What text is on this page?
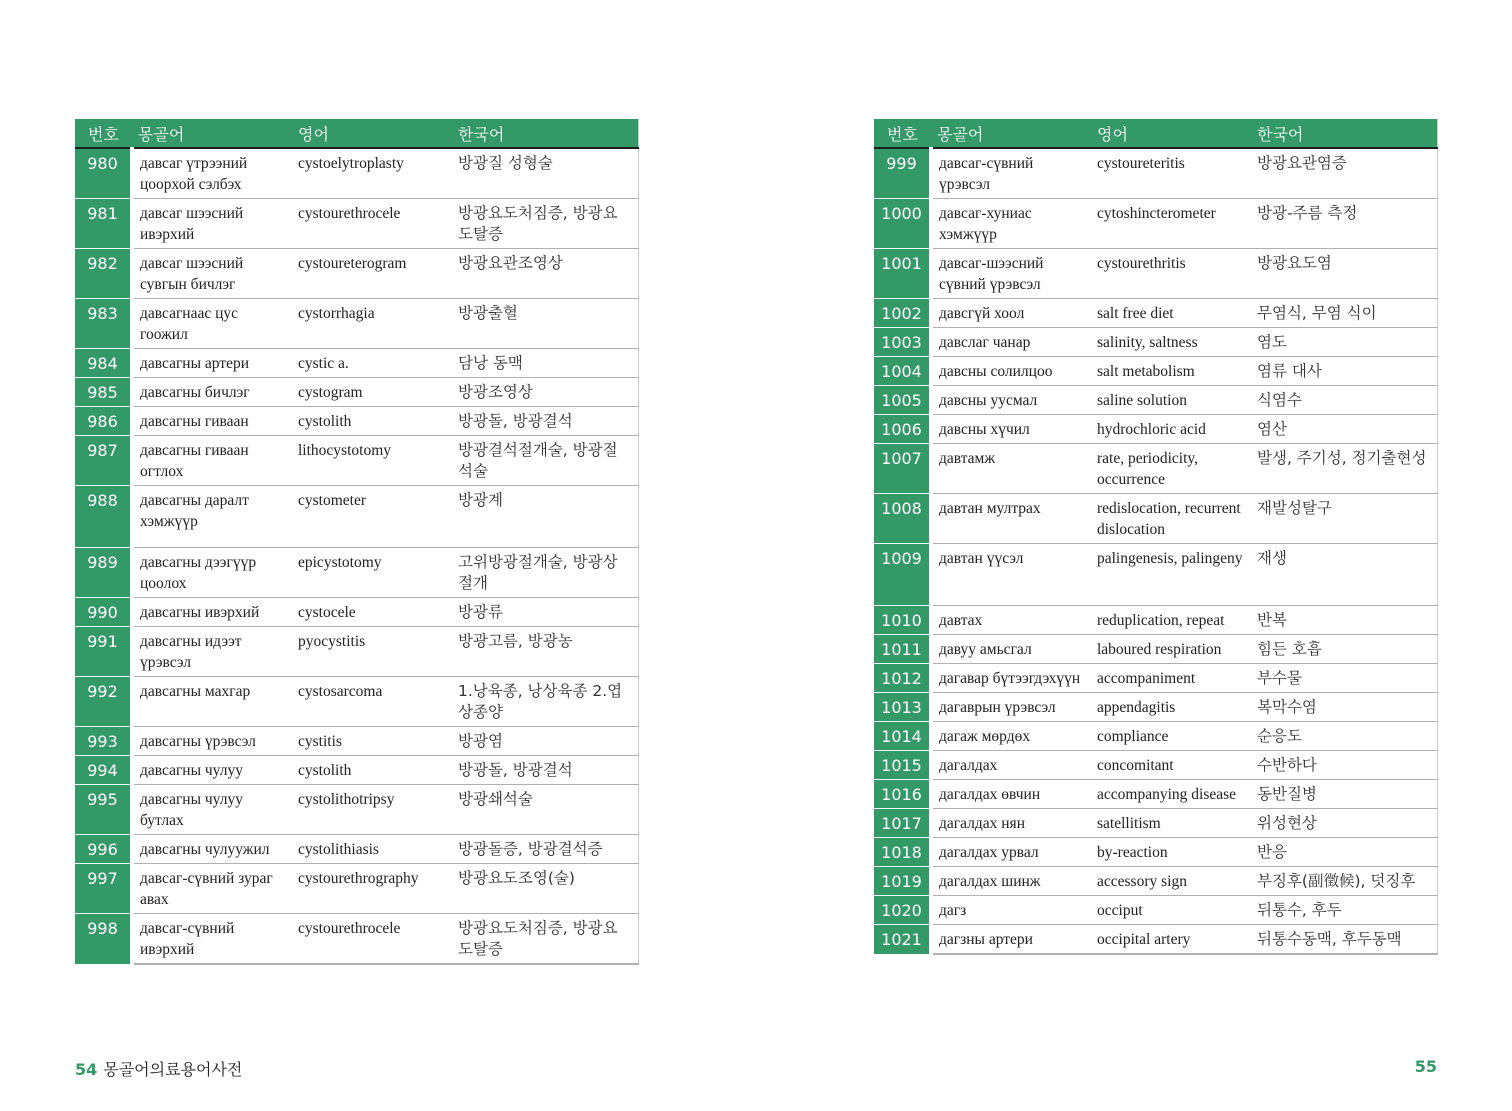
번호	몽골어	영어	한국어
980	давсаг үтрээний цоорхой сэлбэх	cystoelytroplasty	방광질 성형술
981	давсаг шээсний ивэрхий	cystourethrocele	방광요도처짐증, 방광요도탈증
982	давсаг шээсний сувгын бичлэг	cystoureterogram	방광요관조영상
983	давсагнаас цус гоожил	cystorrhagia	방광출혈
984	давсагны артери	cystic a.	담낭 동맥
985	давсагны бичлэг	cystogram	방광조영상
986	давсагны гиваан	cystolith	방광돌, 방광결석
987	давсагны гиваан огтлох	lithocystotomy	방광결석절개술, 방광절석술
988	давсагны даралт хэмжүүр	cystometer	방광계
989	давсагны дээгүүр цоолох	epicystotomy	고위방광절개술, 방광상절개
990	давсагны ивэрхий	cystocele	방광류
991	давсагны идээт үрэвсэл	pyocystitis	방광고름, 방광농
992	давсагны махгар	cystosarcoma	1.낭육종, 낭상육종 2.엽상종양
993	давсагны үрэвсэл	cystitis	방광염
994	давсагны чулуу	cystolith	방광돌, 방광결석
995	давсагны чулуу бутлах	cystolithotripsy	방광쇄석술
996	давсагны чулуужил	cystolithiasis	방광돌증, 방광결석증
997	давсаг-сүвний зураг авах	cystourethrography	방광요도조영(술)
998	давсаг-сүвний ивэрхий	cystourethrocele	방광요도처짐증, 방광요도탈증
번호	몽골어	영어	한국어
999	давсаг-сүвний үрэвсэл	cystoureteritis	방광요관염증
1000	давсаг-хуниас хэмжүүр	cytoshincterometer	방광-주름 측정
1001	давсаг-шээсний сүвний үрэвсэл	cystourethritis	방광요도염
1002	давсгүй хоол	salt free diet	무염식, 무염 식이
1003	давслаг чанар	salinity, saltness	염도
1004	давсны солилцоо	salt metabolism	염류 대사
1005	давсны уусмал	saline solution	식염수
1006	давсны хүчил	hydrochloric acid	염산
1007	давтамж	rate, periodicity, occurrence	발생, 주기성, 정기출현성
1008	давтан мултрах	redislocation, recurrent dislocation	재발성탈구
1009	давтан үүсэл	palingenesis, palingeny	재생
1010	давтах	reduplication, repeat	반복
1011	давуу амьсгал	laboured respiration	힘든 호흡
1012	дагавар бүтээгдэхүүн	accompaniment	부수물
1013	дагаврын үрэвсэл	appendagitis	복막수염
1014	дагаж мөрдөх	compliance	순응도
1015	дагалдах	concomitant	수반하다
1016	дагалдах өвчин	accompanying disease	동반질병
1017	дагалдах нян	satellitism	위성현상
1018	дагалдах урвал	by-reaction	반응
1019	дагалдах шинж	accessory sign	부징후(副徵候), 덧징후
1020	дагз	occiput	뒤통수, 후두
1021	дагзны артери	occipital artery	뒤통수동맥, 후두동맥
54 몽골어의료용어사전	55
